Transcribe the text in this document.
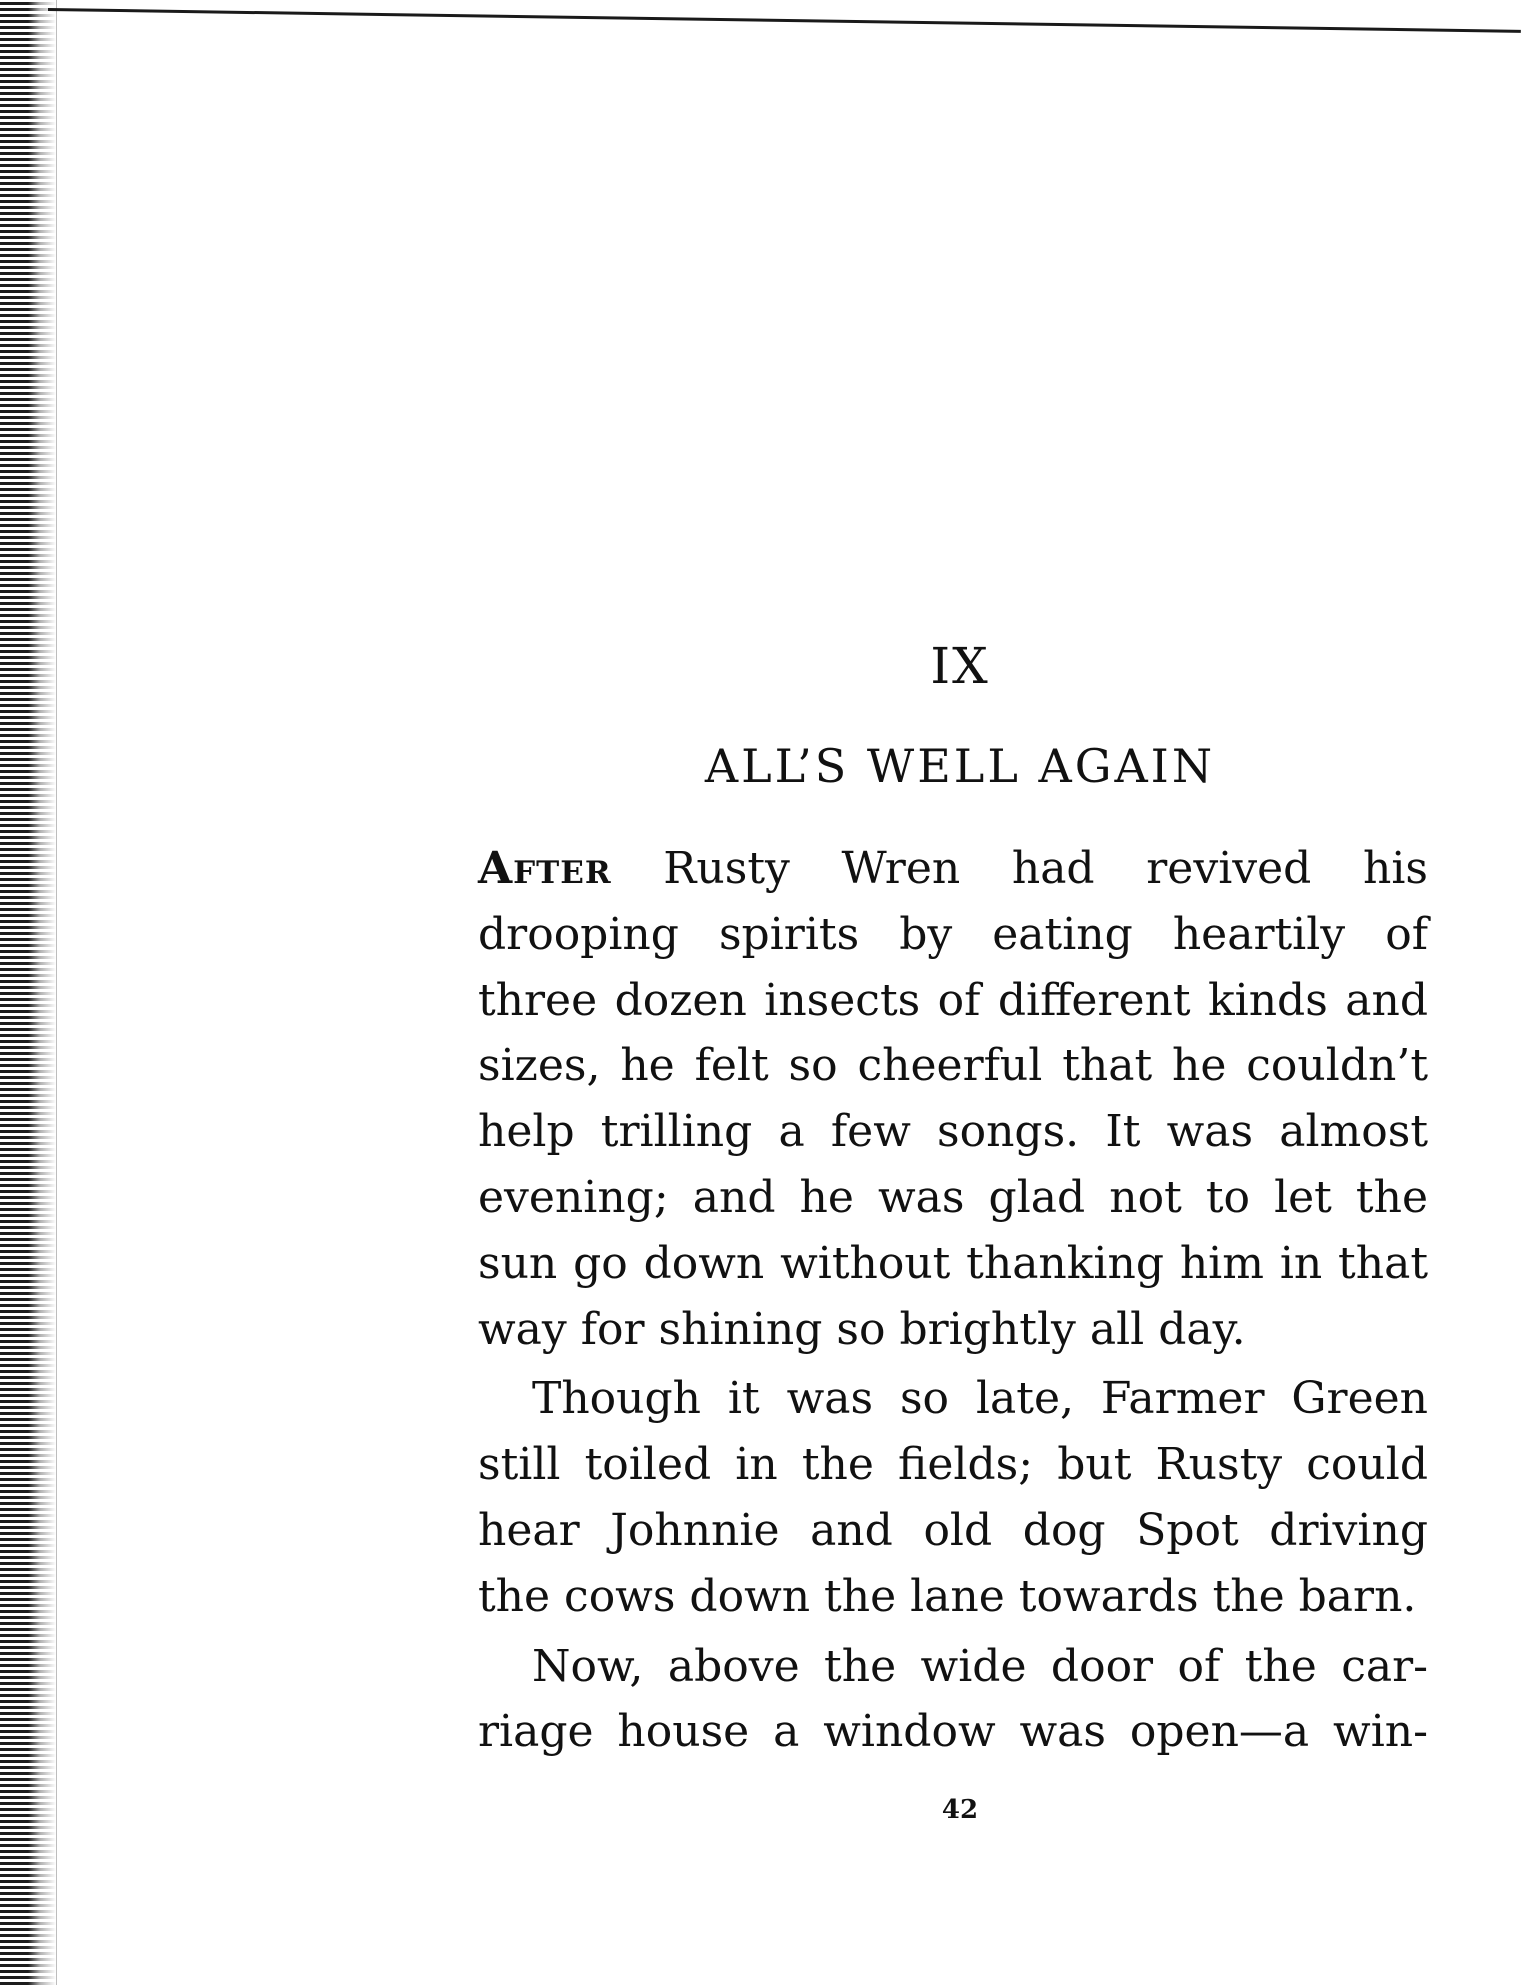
IX
ALL’S WELL AGAIN
After Rusty Wren had revived his
drooping spirits by eating heartily of
three dozen insects of different kinds and
sizes, he felt so cheerful that he couldn’t
help trilling a few songs. It was almost
evening; and he was glad not to let the
sun go down without thanking him in that
way for shining so brightly all day.
Though it was so late, Farmer Green
still toiled in the fields; but Rusty could
hear Johnnie and old dog Spot driving
the cows down the lane towards the barn.
Now, above the wide door of the car-
riage house a window was open—a win-
42
